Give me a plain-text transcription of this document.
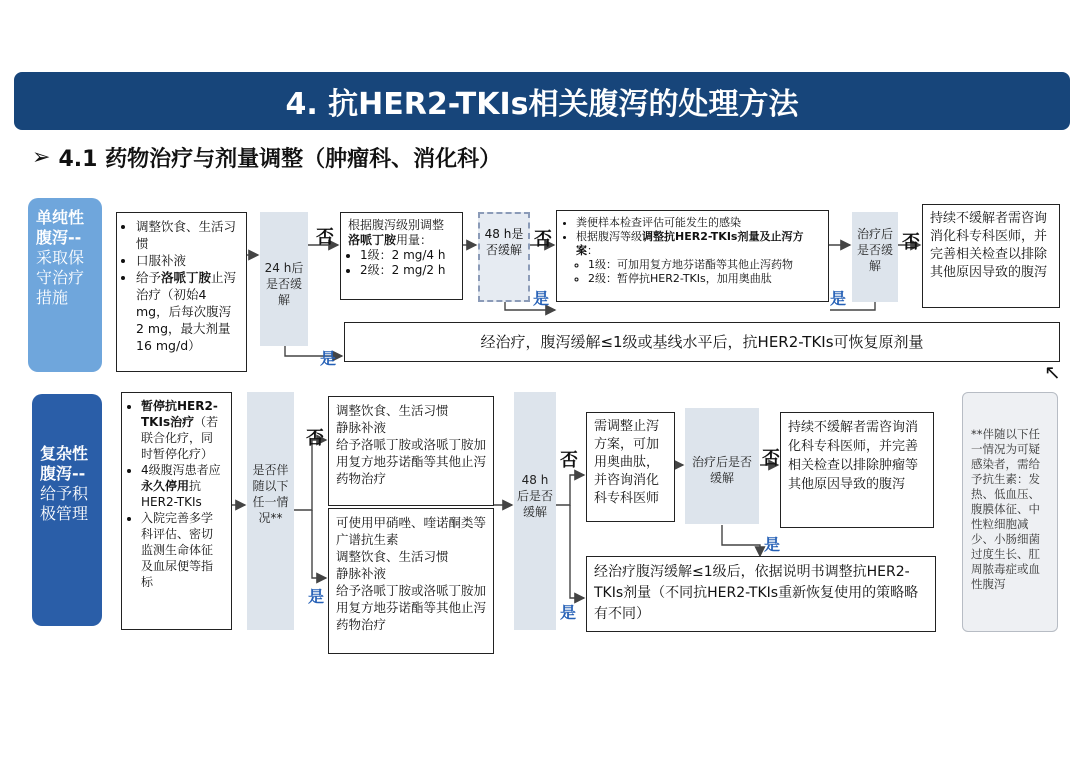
4. 抗HER2-TKIs相关腹泻的处理方法
➢ 4.1 药物治疗与剂量调整（肿瘤科、消化科）
单纯性腹泻--
采取保守治疗措施
• 调整饮食、生活习惯
• 口服补液
• 给予洛哌丁胺止泻治疗（初始4 mg，后每次腹泻2 mg，最大剂量16 mg/d）
24 h后是否缓解
否
根据腹泻级别调整洛哌丁胺用量：
• 1级：2 mg/4 h
• 2级：2 mg/2 h
48 h是否缓解 否
是
• 粪便样本检查评估可能发生的感染
• 根据腹泻等级调整抗HER2-TKIs剂量及止泻方案：
◦ 1级：可加用复方地芬诺酯等其他止泻药物
◦ 2级：暂停抗HER2-TKIs，加用奥曲肽
治疗后是否缓解
否
是
持续不缓解者需咨询消化科专科医师，并完善相关检查以排除其他原因导致的腹泻
是
经治疗，腹泻缓解≤1级或基线水平后，抗HER2-TKIs可恢复原剂量
↖
复杂性腹泻--
给予积极管理
• 暂停抗HER2-TKIs治疗（若联合化疗，同时暂停化疗）
• 4级腹泻患者应永久停用抗HER2-TKIs
• 入院完善多学科评估、密切监测生命体征及血尿便等指标
是否伴随以下任一情况**
否
是
调整饮食、生活习惯
静脉补液
给予洛哌丁胺或洛哌丁胺加用复方地芬诺酯等其他止泻药物治疗
可使用甲硝唑、喹诺酮类等广谱抗生素
调整饮食、生活习惯
静脉补液
给予洛哌丁胺或洛哌丁胺加用复方地芬诺酯等其他止泻药物治疗
48 h后是否缓解
否
是
需调整止泻方案，可加用奥曲肽，并咨询消化科专科医师
治疗后是否缓解
否
是
持续不缓解者需咨询消化科专科医师，并完善相关检查以排除肿瘤等其他原因导致的腹泻
经治疗腹泻缓解≤1级后，依据说明书调整抗HER2-TKIs剂量（不同抗HER2-TKIs重新恢复使用的策略略有不同）
**伴随以下任一情况为可疑感染者，需给予抗生素：发热、低血压、腹膜体征、中性粒细胞减少、小肠细菌过度生长、肛周脓毒症或血性腹泻
